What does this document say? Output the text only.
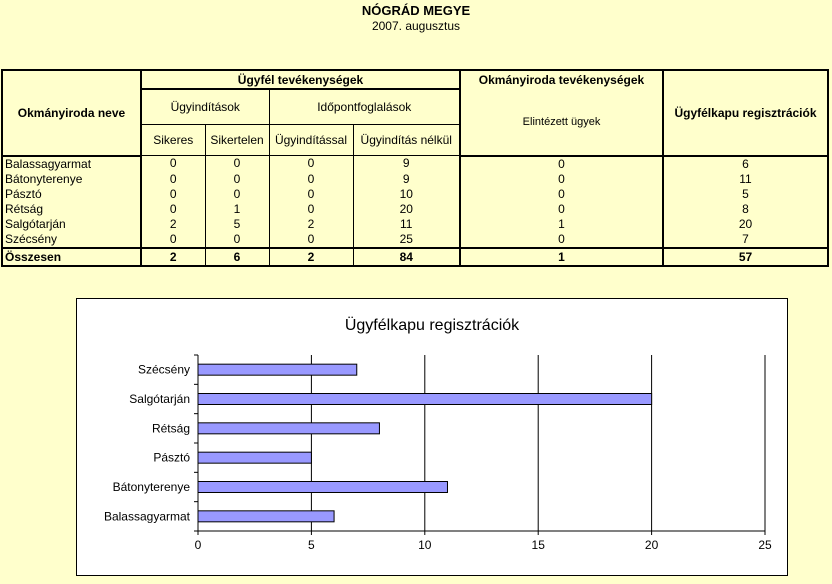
NÓGRÁD MEGYE
2007. augusztus
Okmányiroda neve	Ügyfél tevékenységek				Okmányiroda tevékenységek	Ügyfélkapu regisztrációk
	Ügyindítások		Időpontfoglalások		Elintézett ügyek	
	Sikeres	Sikertelen	Ügyindítással	Ügyindítás nélkül		
Balassagyarmat	0	0	0	9	0	6
Bátonyterenye	0	0	0	9	0	11
Pásztó	0	0	0	10	0	5
Rétság	0	1	0	20	0	8
Salgótarján	2	5	2	11	1	20
Szécsény	0	0	0	25	0	7
Összesen	2	6	2	84	1	57
Ügyfélkapu regisztrációk
0	5	10	15	20	25
Balassagyarmat
Bátonyterenye
Pásztó
Rétság
Salgótarján
Szécsény
